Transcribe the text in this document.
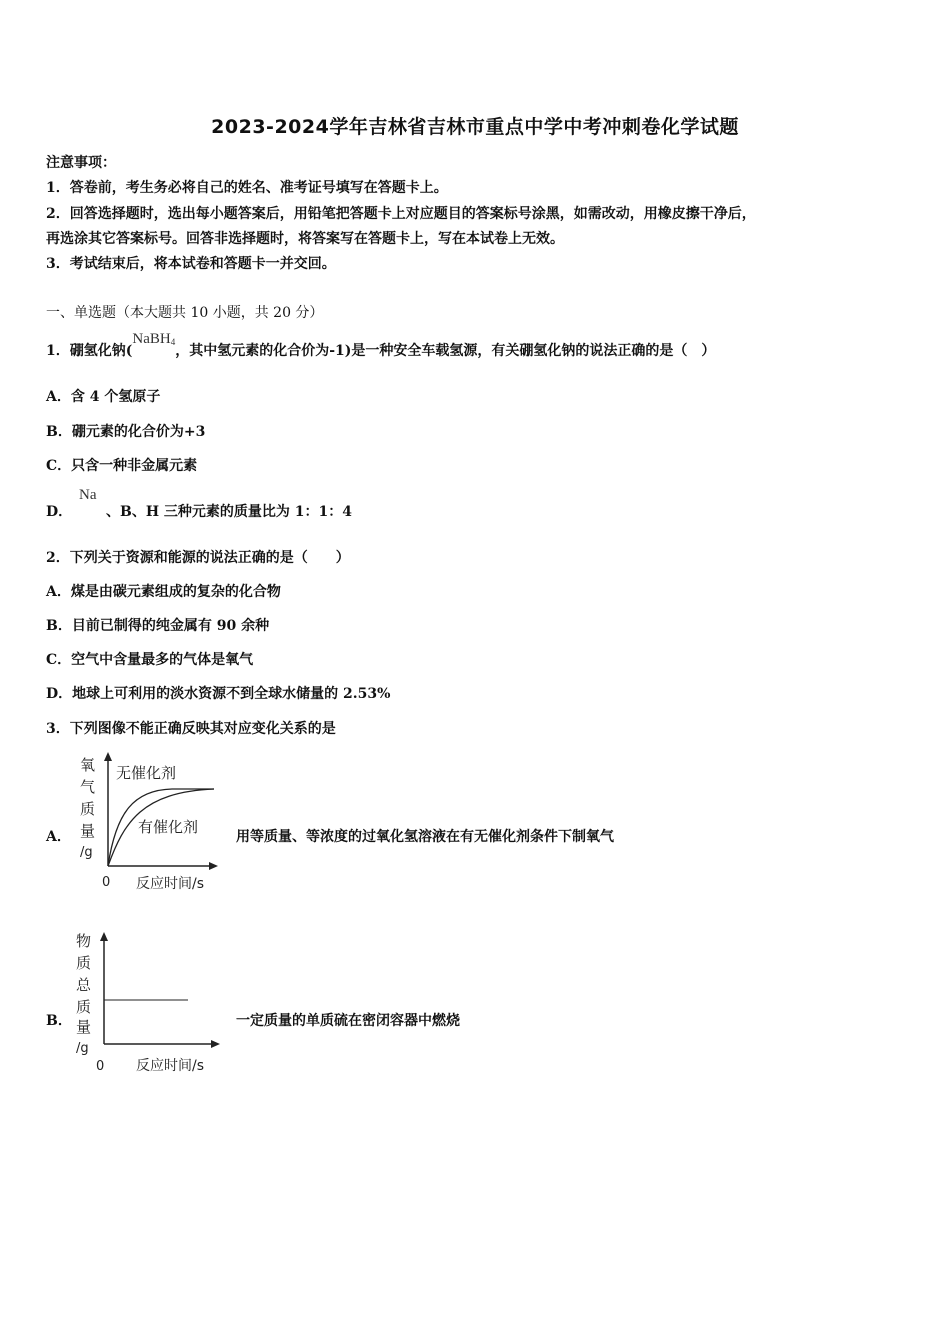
2023-2024学年吉林省吉林市重点中学中考冲刺卷化学试题
注意事项：
1．答卷前，考生务必将自己的姓名、准考证号填写在答题卡上。
2．回答选择题时，选出每小题答案后，用铅笔把答题卡上对应题目的答案标号涂黑，如需改动，用橡皮擦干净后，
再选涂其它答案标号。回答非选择题时，将答案写在答题卡上，写在本试卷上无效。
3．考试结束后，将本试卷和答题卡一并交回。
一、单选题（本大题共 10 小题，共 20 分）
1．硼氢化钠(NaBH$_4$，其中氢元素的化合价为-1)是一种安全车载氢源，有关硼氢化钠的说法正确的是（　）
A．含 4 个氢原子
B．硼元素的化合价为+3
C．只含一种非金属元素
D．
Na
、B、H 三种元素的质量比为 1：1：4
2．下列关于资源和能源的说法正确的是（　　）
A．煤是由碳元素组成的复杂的化合物
B．目前已制得的纯金属有 90 余种
C．空气中含量最多的气体是氧气
D．地球上可利用的淡水资源不到全球水储量的 2.53%
3．下列图像不能正确反映其对应变化关系的是
A．
氧
气
质
量
/g
无催化剂
有催化剂
0 反应时间/s
用等质量、等浓度的过氧化氢溶液在有无催化剂条件下制氧气
B．
物
质
总
质
量
/g
0 反应时间/s
一定质量的单质硫在密闭容器中燃烧
